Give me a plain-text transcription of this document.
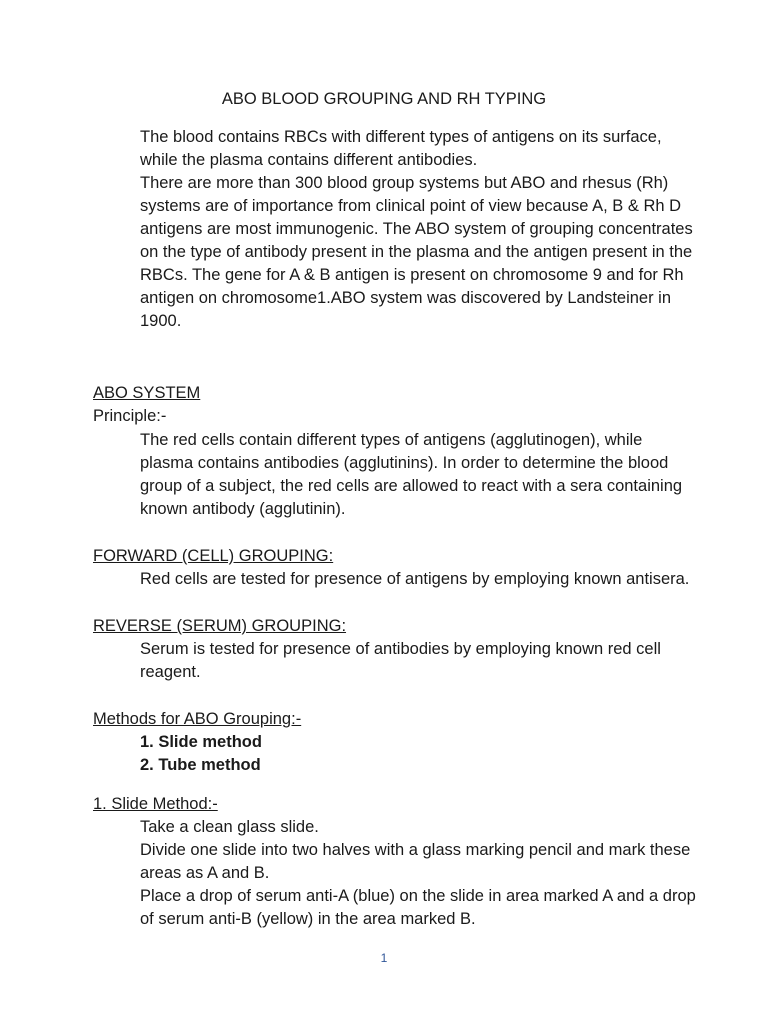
ABO BLOOD GROUPING AND RH TYPING

The blood contains RBCs with different types of antigens on its surface, while the plasma contains different antibodies.

There are more than 300 blood group systems but ABO and rhesus (Rh) systems are of importance from clinical point of view because A, B & Rh D antigens are most immunogenic. The ABO system of grouping concentrates on the type of antibody present in the plasma and the antigen present in the RBCs. The gene for A & B antigen is present on chromosome 9 and for Rh antigen on chromosome1.ABO system was discovered by Landsteiner in 1900.

ABO SYSTEM
Principle:-
The red cells contain different types of antigens (agglutinogen), while plasma contains antibodies (agglutinins). In order to determine the blood group of a subject, the red cells are allowed to react with a sera containing known antibody (agglutinin).
FORWARD (CELL) GROUPING:
Red cells are tested for presence of antigens by employing known antisera.
REVERSE (SERUM) GROUPING:
Serum is tested for presence of antibodies by employing known red cell reagent.
Methods for ABO Grouping:-
1. Slide method
2. Tube method
1. Slide Method:-

Take a clean glass slide.

Divide one slide into two halves with a glass marking pencil and mark these areas as A and B.

Place a drop of serum anti-A (blue) on the slide in area marked A and a drop of serum anti-B (yellow) in the area marked B.

1
